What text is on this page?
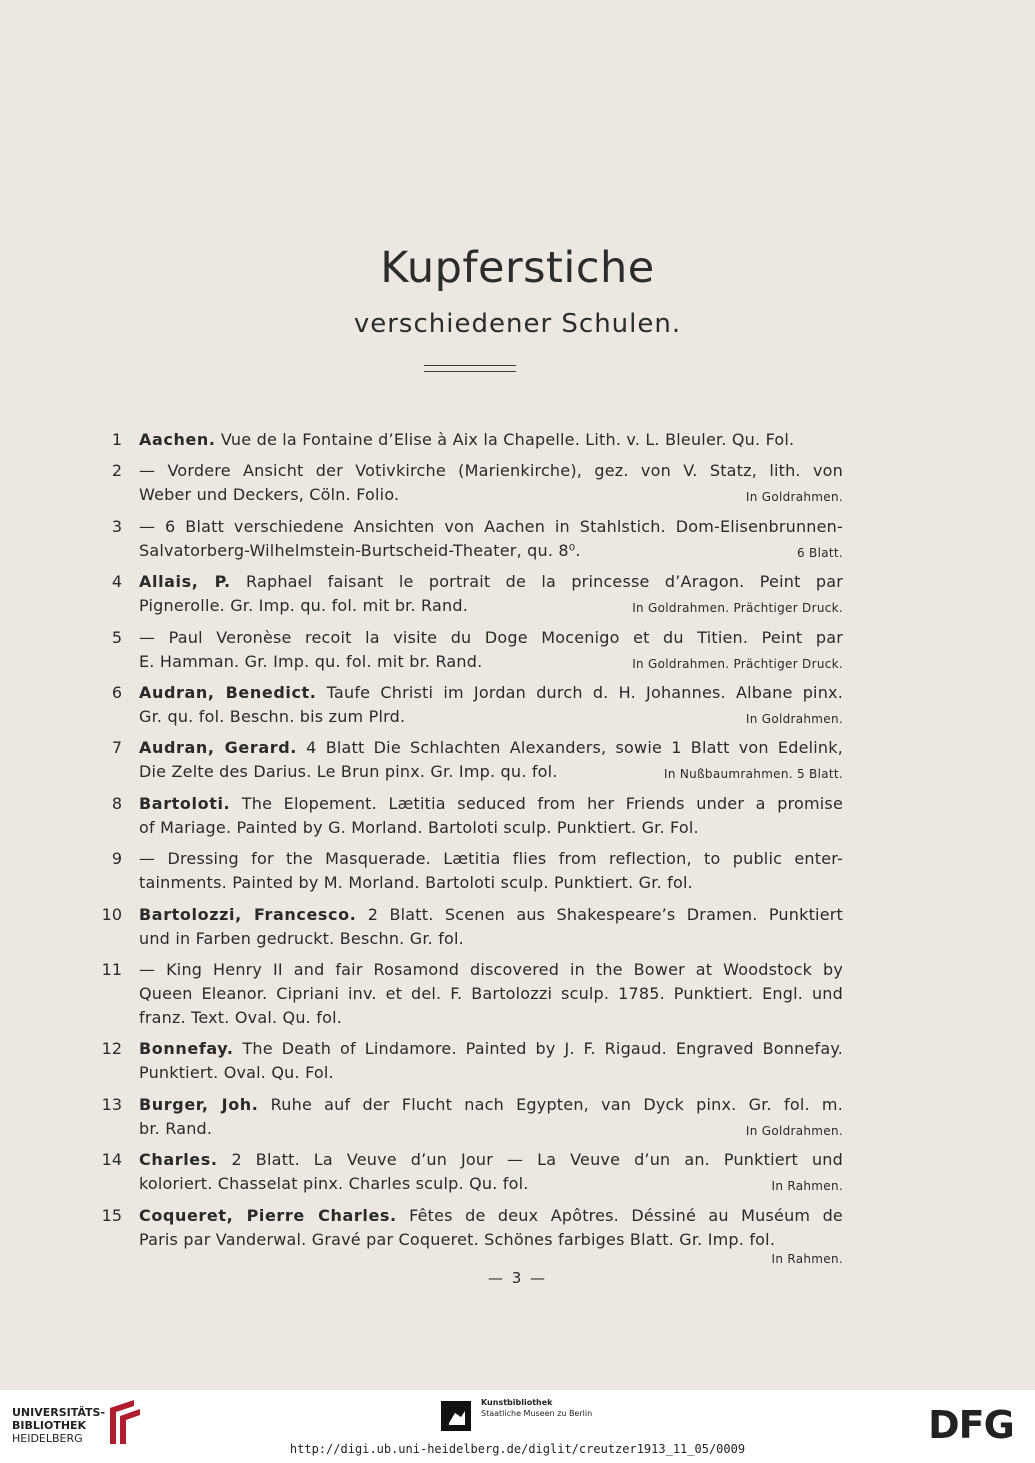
Kupferstiche
verschiedener Schulen.
1 Aachen. Vue de la Fontaine d’Elise à Aix la Chapelle. Lith. v. L. Bleuler. Qu. Fol.
2 — Vordere Ansicht der Votivkirche (Marienkirche), gez. von V. Statz, lith. von
Weber und Deckers, Cöln. Folio.	In Goldrahmen.
3 — 6 Blatt verschiedene Ansichten von Aachen in Stahlstich. Dom-Elisenbrunnen-
Salvatorberg-Wilhelmstein-Burtscheid-Theater, qu. 8⁰.	6 Blatt.
4 Allais, P. Raphael faisant le portrait de la princesse d’Aragon. Peint par
Pignerolle. Gr. Imp. qu. fol. mit br. Rand.	In Goldrahmen. Prächtiger Druck.
5 — Paul Veronèse recoit la visite du Doge Mocenigo et du Titien. Peint par
E. Hamman. Gr. Imp. qu. fol. mit br. Rand.	In Goldrahmen. Prächtiger Druck.
6 Audran, Benedict. Taufe Christi im Jordan durch d. H. Johannes. Albane pinx.
Gr. qu. fol. Beschn. bis zum Plrd.	In Goldrahmen.
7 Audran, Gerard. 4 Blatt Die Schlachten Alexanders, sowie 1 Blatt von Edelink,
Die Zelte des Darius. Le Brun pinx. Gr. Imp. qu. fol.	In Nußbaumrahmen. 5 Blatt.
8 Bartoloti. The Elopement. Lætitia seduced from her Friends under a promise
of Mariage. Painted by G. Morland. Bartoloti sculp. Punktiert. Gr. Fol.
9 — Dressing for the Masquerade. Lætitia flies from reflection, to public enter-
tainments. Painted by M. Morland. Bartoloti sculp. Punktiert. Gr. fol.
10 Bartolozzi, Francesco. 2 Blatt. Scenen aus Shakespeare’s Dramen. Punktiert
und in Farben gedruckt. Beschn. Gr. fol.
11 — King Henry II and fair Rosamond discovered in the Bower at Woodstock by
Queen Eleanor. Cipriani inv. et del. F. Bartolozzi sculp. 1785. Punktiert. Engl. und
franz. Text. Oval. Qu. fol.
12 Bonnefay. The Death of Lindamore. Painted by J. F. Rigaud. Engraved Bonnefay.
Punktiert. Oval. Qu. Fol.
13 Burger, Joh. Ruhe auf der Flucht nach Egypten, van Dyck pinx. Gr. fol. m.
br. Rand.	In Goldrahmen.
14 Charles. 2 Blatt. La Veuve d’un Jour — La Veuve d’un an. Punktiert und
koloriert. Chasselat pinx. Charles sculp. Qu. fol.	In Rahmen.
15 Coqueret, Pierre Charles. Fêtes de deux Apôtres. Déssiné au Muséum de
Paris par Vanderwal. Gravé par Coqueret. Schönes farbiges Blatt. Gr. Imp. fol.
In Rahmen.
— 3 —
UNIVERSITÄTS-
BIBLIOTHEK
HEIDELBERG
Kunstbibliothek
Staatliche Museen zu Berlin	DFG
http://digi.ub.uni-heidelberg.de/diglit/creutzer1913_11_05/0009
